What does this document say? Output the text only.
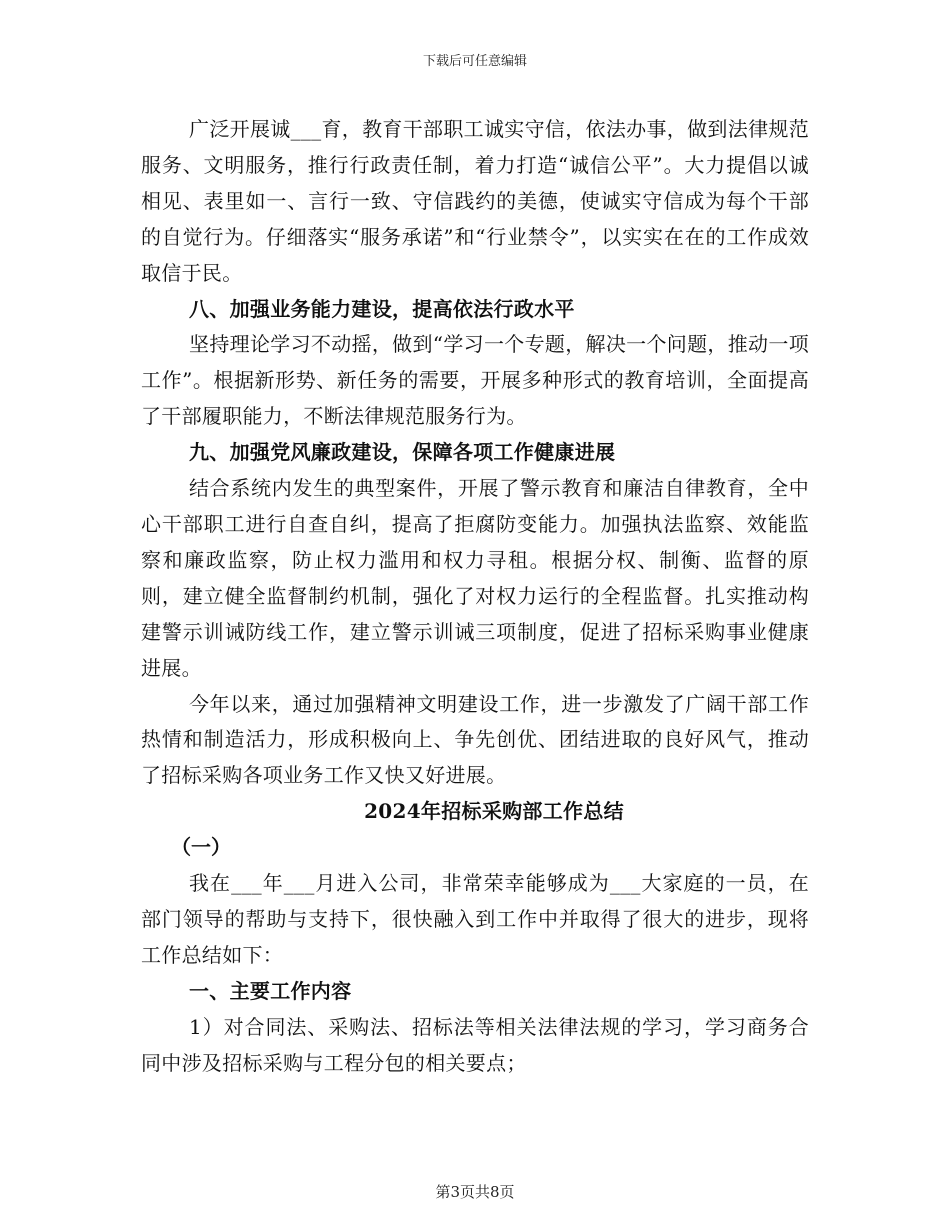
下载后可任意编辑

广泛开展诚___育，教育干部职工诚实守信，依法办事，做到法律规范服务、文明服务，推行行政责任制，着力打造“诚信公平”。大力提倡以诚相见、表里如一、言行一致、守信践约的美德，使诚实守信成为每个干部的自觉行为。仔细落实“服务承诺”和“行业禁令”，以实实在在的工作成效取信于民。

八、加强业务能力建设，提高依法行政水平

坚持理论学习不动摇，做到“学习一个专题，解决一个问题，推动一项工作”。根据新形势、新任务的需要，开展多种形式的教育培训，全面提高了干部履职能力，不断法律规范服务行为。

九、加强党风廉政建设，保障各项工作健康进展

结合系统内发生的典型案件，开展了警示教育和廉洁自律教育，全中心干部职工进行自查自纠，提高了拒腐防变能力。加强执法监察、效能监察和廉政监察，防止权力滥用和权力寻租。根据分权、制衡、监督的原则，建立健全监督制约机制，强化了对权力运行的全程监督。扎实推动构建警示训诫防线工作，建立警示训诫三项制度，促进了招标采购事业健康进展。

今年以来，通过加强精神文明建设工作，进一步激发了广阔干部工作热情和制造活力，形成积极向上、争先创优、团结进取的良好风气，推动了招标采购各项业务工作又快又好进展。

2024年招标采购部工作总结

（一）

我在___年___月进入公司，非常荣幸能够成为___大家庭的一员，在部门领导的帮助与支持下，很快融入到工作中并取得了很大的进步，现将工作总结如下：

一、主要工作内容

1）对合同法、采购法、招标法等相关法律法规的学习，学习商务合同中涉及招标采购与工程分包的相关要点；

第3页共8页
